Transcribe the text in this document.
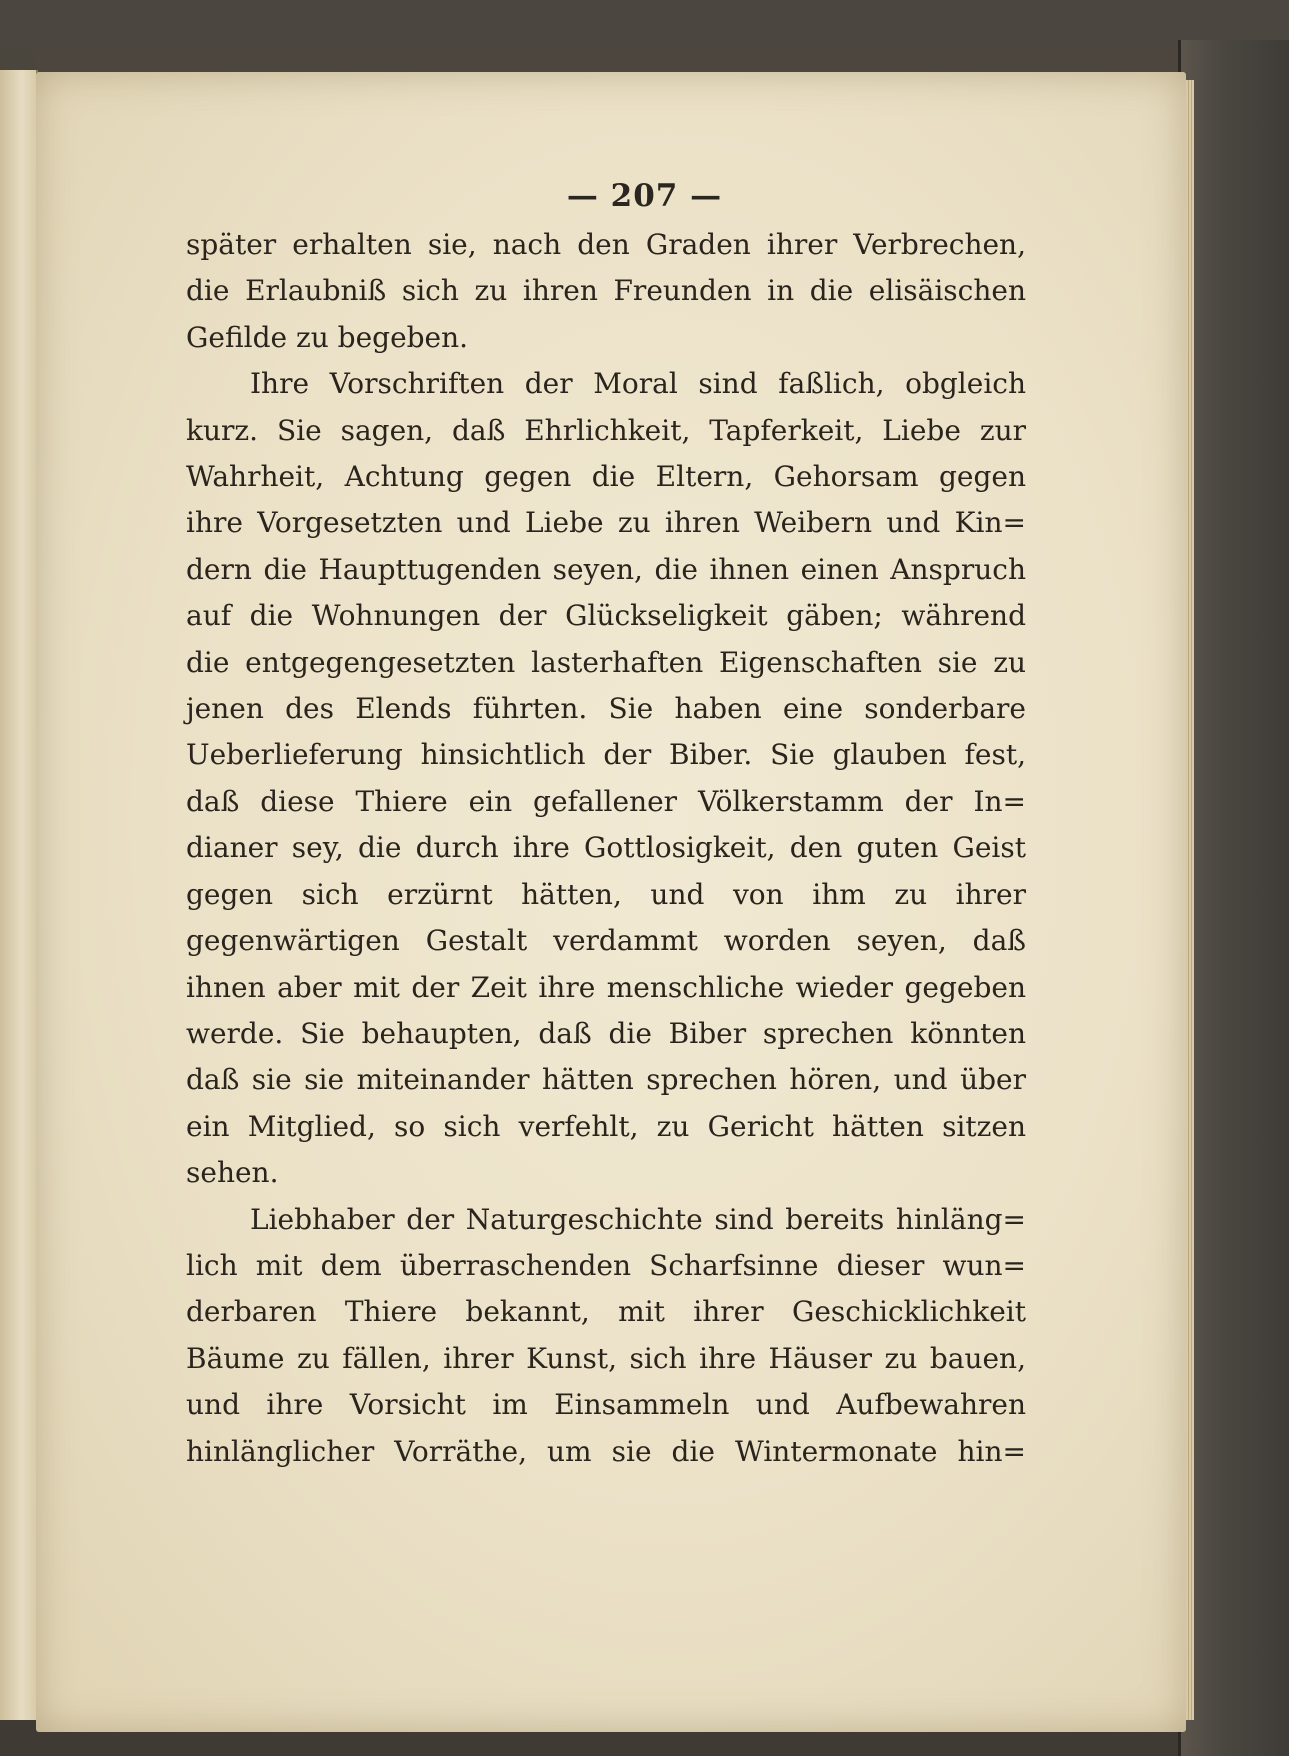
— 207 —
später erhalten sie, nach den Graden ihrer Verbrechen,
die Erlaubniß sich zu ihren Freunden in die elisäischen
Gefilde zu begeben.
Ihre Vorschriften der Moral sind faßlich, obgleich
kurz. Sie sagen, daß Ehrlichkeit, Tapferkeit, Liebe zur
Wahrheit, Achtung gegen die Eltern, Gehorsam gegen
ihre Vorgesetzten und Liebe zu ihren Weibern und Kin=
dern die Haupttugenden seyen, die ihnen einen Anspruch
auf die Wohnungen der Glückseligkeit gäben; während
die entgegengesetzten lasterhaften Eigenschaften sie zu
jenen des Elends führten. Sie haben eine sonderbare
Ueberlieferung hinsichtlich der Biber. Sie glauben fest,
daß diese Thiere ein gefallener Völkerstamm der In=
dianer sey, die durch ihre Gottlosigkeit, den guten Geist
gegen sich erzürnt hätten, und von ihm zu ihrer
gegenwärtigen Gestalt verdammt worden seyen, daß
ihnen aber mit der Zeit ihre menschliche wieder gegeben
werde. Sie behaupten, daß die Biber sprechen könnten
daß sie sie miteinander hätten sprechen hören, und über
ein Mitglied, so sich verfehlt, zu Gericht hätten sitzen
sehen.
Liebhaber der Naturgeschichte sind bereits hinläng=
lich mit dem überraschenden Scharfsinne dieser wun=
derbaren Thiere bekannt, mit ihrer Geschicklichkeit
Bäume zu fällen, ihrer Kunst, sich ihre Häuser zu bauen,
und ihre Vorsicht im Einsammeln und Aufbewahren
hinlänglicher Vorräthe, um sie die Wintermonate hin=
